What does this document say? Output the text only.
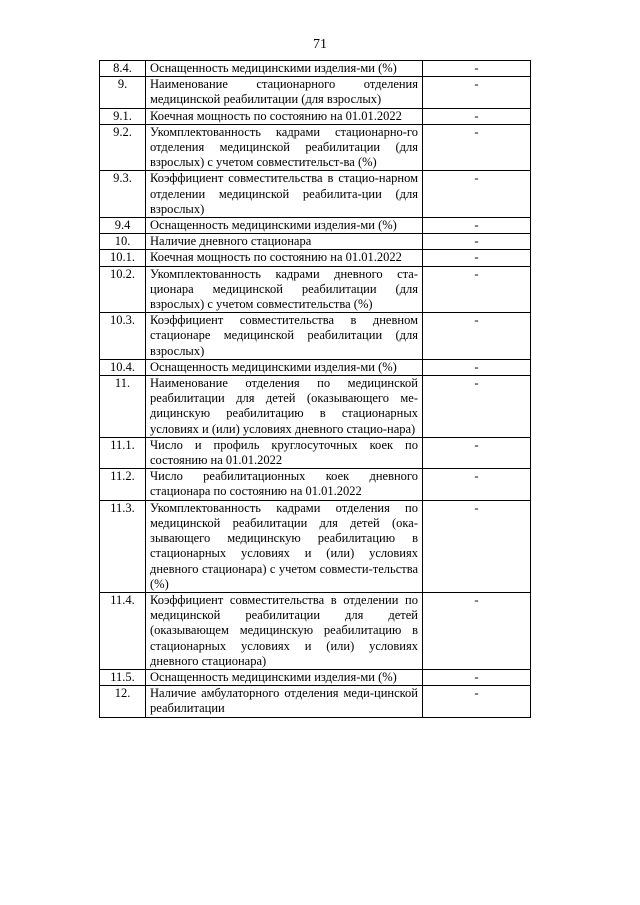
71
8.4.	Оснащенность медицинскими изделия-ми (%)	-
9.	Наименование стационарного отделения медицинской реабилитации (для взрослых)	-
9.1.	Коечная мощность по состоянию на 01.01.2022	-
9.2.	Укомплектованность кадрами стационарно-го отделения медицинской реабилитации (для взрослых) с учетом совместительст-ва (%)	-
9.3.	Коэффициент совместительства в стацио-нарном отделении медицинской реабилита-ции (для взрослых)	-
9.4	Оснащенность медицинскими изделия-ми (%)	-
10.	Наличие дневного стационара	-
10.1.	Коечная мощность по состоянию на 01.01.2022	-
10.2.	Укомплектованность кадрами дневного ста-ционара медицинской реабилитации (для взрослых) с учетом совместительства (%)	-
10.3.	Коэффициент совместительства в дневном стационаре медицинской реабилитации (для взрослых)	-
10.4.	Оснащенность медицинскими изделия-ми (%)	-
11.	Наименование отделения по медицинской реабилитации для детей (оказывающего ме-дицинскую реабилитацию в стационарных условиях и (или) условиях дневного стацио-нара)	-
11.1.	Число и профиль круглосуточных коек по состоянию на 01.01.2022	-
11.2.	Число реабилитационных коек дневного стационара по состоянию на 01.01.2022	-
11.3.	Укомплектованность кадрами отделения по медицинской реабилитации для детей (ока-зывающего медицинскую реабилитацию в стационарных условиях и (или) условиях дневного стационара) с учетом совмести-тельства (%)	-
11.4.	Коэффициент совместительства в отделении по медицинской реабилитации для детей (оказывающем медицинскую реабилитацию в стационарных условиях и (или) условиях дневного стационара)	-
11.5.	Оснащенность медицинскими изделия-ми (%)	-
12.	Наличие амбулаторного отделения меди-цинской реабилитации	-
